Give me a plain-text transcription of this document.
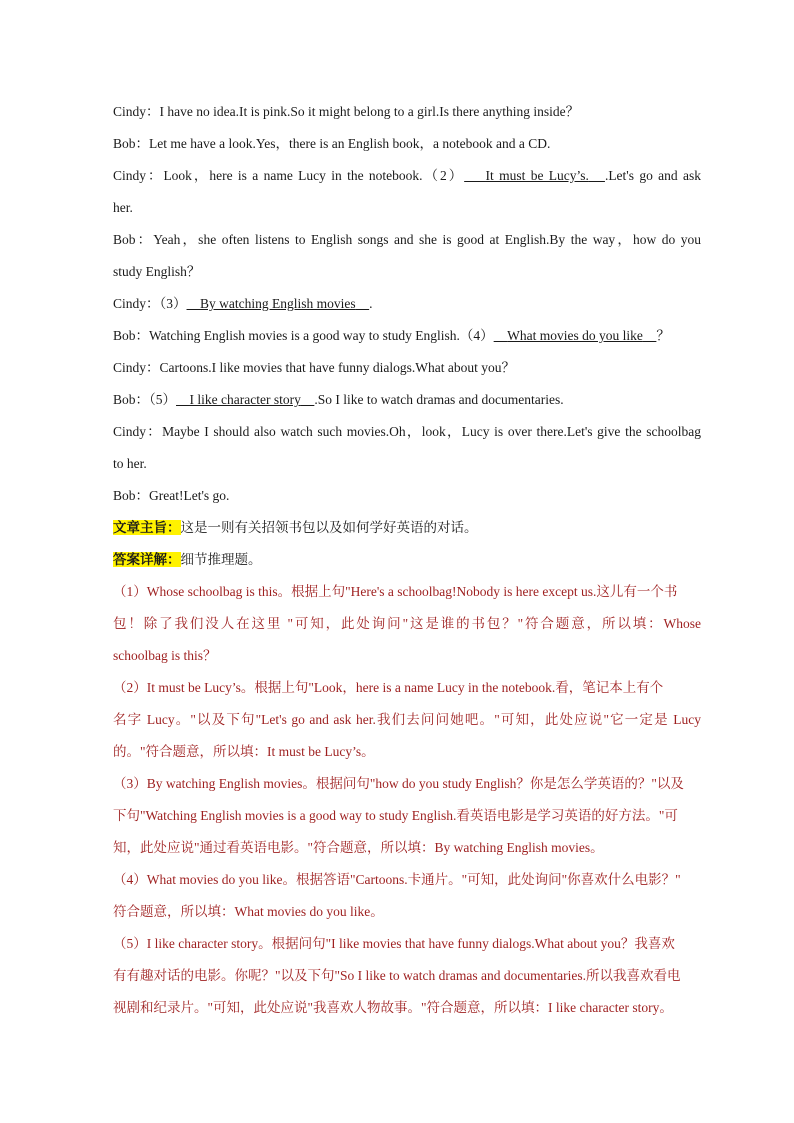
Cindy：I have no idea.It is pink.So it might belong to a girl.Is there anything inside？
Bob：Let me have a look.Yes，there is an English book，a notebook and a CD.
Cindy：Look，here is a name Lucy in the notebook.（2） It must be Lucy’s. .Let's go and ask
her.
Bob：Yeah，she often listens to English songs and she is good at English.By the way，how do you
study English？
Cindy：（3） By watching English movies .
Bob：Watching English movies is a good way to study English.（4） What movies do you like ？
Cindy：Cartoons.I like movies that have funny dialogs.What about you？
Bob：（5） I like character story .So I like to watch dramas and documentaries.
Cindy：Maybe I should also watch such movies.Oh，look，Lucy is over there.Let's give the schoolbag
to her.
Bob：Great!Let's go.
文章主旨：这是一则有关招领书包以及如何学好英语的对话。
答案详解：细节推理题。
（1）Whose schoolbag is this。根据上句"Here's a schoolbag!Nobody is here except us.这儿有一个书
包！除了我们没人在这里 "可知，此处询问"这是谁的书包？"符合题意，所以填：Whose
schoolbag is this？
（2）It must be Lucy’s。根据上句"Look，here is a name Lucy in the notebook.看，笔记本上有个
名字 Lucy。"以及下句"Let's go and ask her.我们去问问她吧。"可知，此处应说"它一定是 Lucy
的。"符合题意，所以填：It must be Lucy’s。
（3）By watching English movies。根据问句"how do you study English？你是怎么学英语的？"以及
下句"Watching English movies is a good way to study English.看英语电影是学习英语的好方法。"可
知，此处应说"通过看英语电影。"符合题意，所以填：By watching English movies。
（4）What movies do you like。根据答语"Cartoons.卡通片。"可知，此处询问"你喜欢什么电影？"
符合题意，所以填：What movies do you like。
（5）I like character story。根据问句"I like movies that have funny dialogs.What about you？我喜欢
有有趣对话的电影。你呢？"以及下句"So I like to watch dramas and documentaries.所以我喜欢看电
视剧和纪录片。"可知，此处应说"我喜欢人物故事。"符合题意，所以填：I like character story。
